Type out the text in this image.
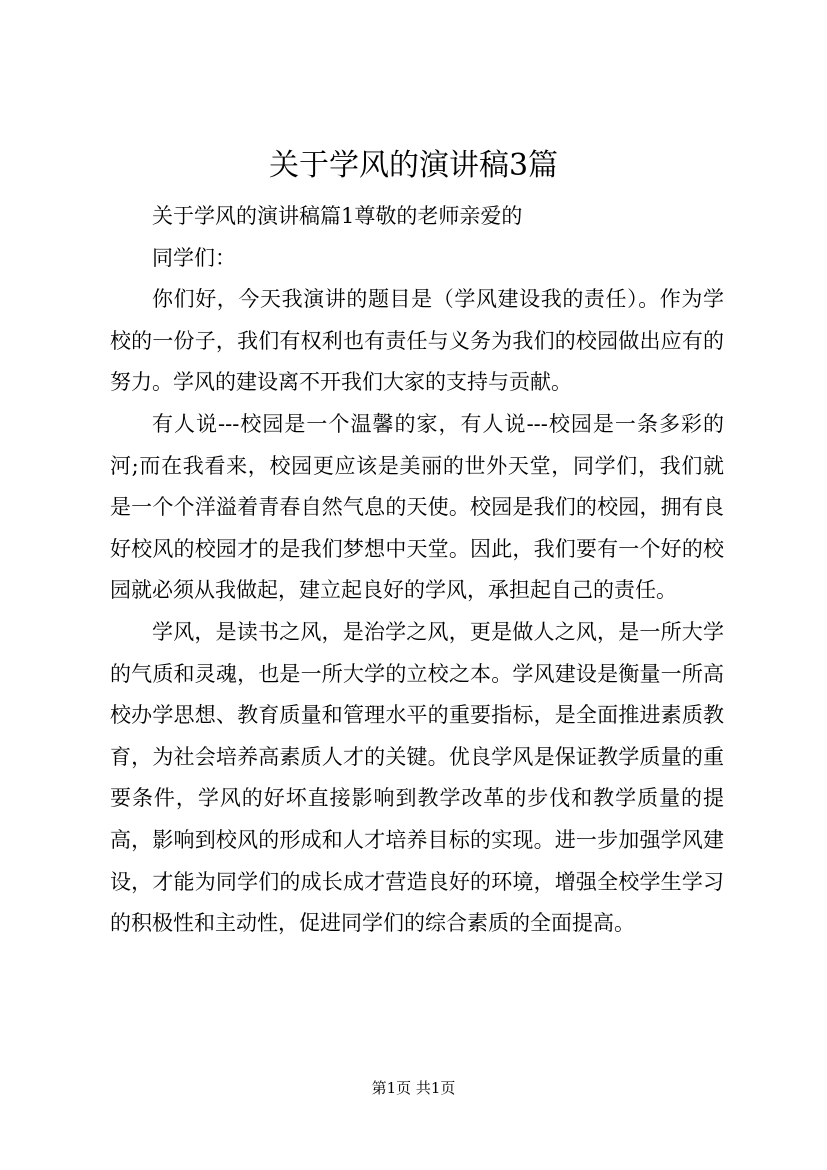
关于学风的演讲稿3篇

关于学风的演讲稿篇1尊敬的老师亲爱的

同学们：

你们好，今天我演讲的题目是（学风建设我的责任）。作为学校的一份子，我们有权利也有责任与义务为我们的校园做出应有的努力。学风的建设离不开我们大家的支持与贡献。

有人说---校园是一个温馨的家，有人说---校园是一条多彩的河;而在我看来，校园更应该是美丽的世外天堂，同学们，我们就是一个个洋溢着青春自然气息的天使。校园是我们的校园，拥有良好校风的校园才的是我们梦想中天堂。因此，我们要有一个好的校园就必须从我做起，建立起良好的学风，承担起自己的责任。

学风，是读书之风，是治学之风，更是做人之风，是一所大学的气质和灵魂，也是一所大学的立校之本。学风建设是衡量一所高校办学思想、教育质量和管理水平的重要指标，是全面推进素质教育，为社会培养高素质人才的关键。优良学风是保证教学质量的重要条件，学风的好坏直接影响到教学改革的步伐和教学质量的提高，影响到校风的形成和人才培养目标的实现。进一步加强学风建设，才能为同学们的成长成才营造良好的环境，增强全校学生学习的积极性和主动性，促进同学们的综合素质的全面提高。

第1页 共1页
